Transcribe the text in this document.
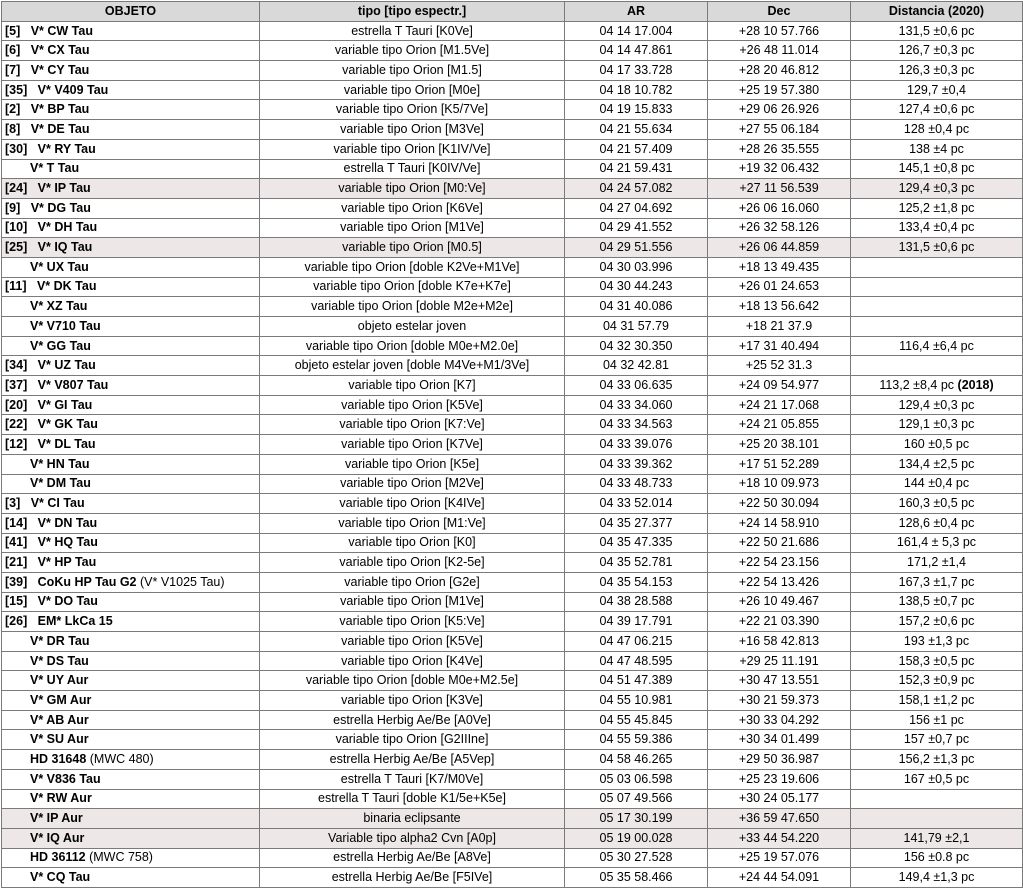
OBJETO	tipo [tipo espectr.]	AR	Dec	Distancia (2020)
[5]   V* CW Tau	estrella T Tauri [K0Ve]	04 14 17.004	+28 10 57.766	131,5 ±0,6 pc
[6]   V* CX Tau	variable tipo Orion [M1.5Ve]	04 14 47.861	+26 48 11.014	126,7 ±0,3 pc
[7]   V* CY Tau	variable tipo Orion [M1.5]	04 17 33.728	+28 20 46.812	126,3 ±0,3 pc
[35]   V* V409 Tau	variable tipo Orion [M0e]	04 18 10.782	+25 19 57.380	129,7 ±0,4
[2]   V* BP Tau	variable tipo Orion [K5/7Ve]	04 19 15.833	+29 06 26.926	127,4 ±0,6 pc
[8]   V* DE Tau	variable tipo Orion [M3Ve]	04 21 55.634	+27 55 06.184	128 ±0,4 pc
[30]   V* RY Tau	variable tipo Orion [K1IV/Ve]	04 21 57.409	+28 26 35.555	138 ±4 pc
V* T Tau	estrella T Tauri [K0IV/Ve]	04 21 59.431	+19 32 06.432	145,1 ±0,8 pc
[24]   V* IP Tau	variable tipo Orion [M0:Ve]	04 24 57.082	+27 11 56.539	129,4 ±0,3 pc
[9]   V* DG Tau	variable tipo Orion [K6Ve]	04 27 04.692	+26 06 16.060	125,2 ±1,8 pc
[10]   V* DH Tau	variable tipo Orion [M1Ve]	04 29 41.552	+26 32 58.126	133,4 ±0,4 pc
[25]   V* IQ Tau	variable tipo Orion [M0.5]	04 29 51.556	+26 06 44.859	131,5 ±0,6 pc
V* UX Tau	variable tipo Orion [doble K2Ve+M1Ve]	04 30 03.996	+18 13 49.435	
[11]   V* DK Tau	variable tipo Orion [doble K7e+K7e]	04 30 44.243	+26 01 24.653	
V* XZ Tau	variable tipo Orion [doble M2e+M2e]	04 31 40.086	+18 13 56.642	
V* V710 Tau	objeto estelar joven	04 31 57.79	+18 21 37.9	
V* GG Tau	variable tipo Orion [doble M0e+M2.0e]	04 32 30.350	+17 31 40.494	116,4 ±6,4 pc
[34]   V* UZ Tau	objeto estelar joven [doble M4Ve+M1/3Ve]	04 32 42.81	+25 52 31.3	
[37]   V* V807 Tau	variable tipo Orion [K7]	04 33 06.635	+24 09 54.977	113,2 ±8,4 pc (2018)
[20]   V* GI Tau	variable tipo Orion [K5Ve]	04 33 34.060	+24 21 17.068	129,4 ±0,3 pc
[22]   V* GK Tau	variable tipo Orion [K7:Ve]	04 33 34.563	+24 21 05.855	129,1 ±0,3 pc
[12]   V* DL Tau	variable tipo Orion [K7Ve]	04 33 39.076	+25 20 38.101	160 ±0,5 pc
V* HN Tau	variable tipo Orion [K5e]	04 33 39.362	+17 51 52.289	134,4 ±2,5 pc
V* DM Tau	variable tipo Orion [M2Ve]	04 33 48.733	+18 10 09.973	144 ±0,4 pc
[3]   V* CI Tau	variable tipo Orion [K4IVe]	04 33 52.014	+22 50 30.094	160,3 ±0,5 pc
[14]   V* DN Tau	variable tipo Orion [M1:Ve]	04 35 27.377	+24 14 58.910	128,6 ±0,4 pc
[41]   V* HQ Tau	variable tipo Orion [K0]	04 35 47.335	+22 50 21.686	161,4 ± 5,3 pc
[21]   V* HP Tau	variable tipo Orion [K2-5e]	04 35 52.781	+22 54 23.156	171,2 ±1,4
[39]   CoKu HP Tau G2 (V* V1025 Tau)	variable tipo Orion [G2e]	04 35 54.153	+22 54 13.426	167,3 ±1,7 pc
[15]   V* DO Tau	variable tipo Orion [M1Ve]	04 38 28.588	+26 10 49.467	138,5 ±0,7 pc
[26]   EM* LkCa 15	variable tipo Orion [K5:Ve]	04 39 17.791	+22 21 03.390	157,2 ±0,6 pc
V* DR Tau	variable tipo Orion [K5Ve]	04 47 06.215	+16 58 42.813	193 ±1,3 pc
V* DS Tau	variable tipo Orion [K4Ve]	04 47 48.595	+29 25 11.191	158,3 ±0,5 pc
V* UY Aur	variable tipo Orion [doble M0e+M2.5e]	04 51 47.389	+30 47 13.551	152,3 ±0,9 pc
V* GM Aur	variable tipo Orion [K3Ve]	04 55 10.981	+30 21 59.373	158,1 ±1,2 pc
V* AB Aur	estrella Herbig Ae/Be [A0Ve]	04 55 45.845	+30 33 04.292	156 ±1 pc
V* SU Aur	variable tipo Orion [G2IIIne]	04 55 59.386	+30 34 01.499	157 ±0,7 pc
HD 31648 (MWC 480)	estrella Herbig Ae/Be [A5Vep]	04 58 46.265	+29 50 36.987	156,2 ±1,3 pc
V* V836 Tau	estrella T Tauri [K7/M0Ve]	05 03 06.598	+25 23 19.606	167 ±0,5 pc
V* RW Aur	estrella T Tauri [doble K1/5e+K5e]	05 07 49.566	+30 24 05.177	
V* IP Aur	binaria eclipsante	05 17 30.199	+36 59 47.650	
V* IQ Aur	Variable tipo alpha2 Cvn [A0p]	05 19 00.028	+33 44 54.220	141,79 ±2,1
HD 36112 (MWC 758)	estrella Herbig Ae/Be [A8Ve]	05 30 27.528	+25 19 57.076	156 ±0.8 pc
V* CQ Tau	estrella Herbig Ae/Be [F5IVe]	05 35 58.466	+24 44 54.091	149,4 ±1,3 pc
